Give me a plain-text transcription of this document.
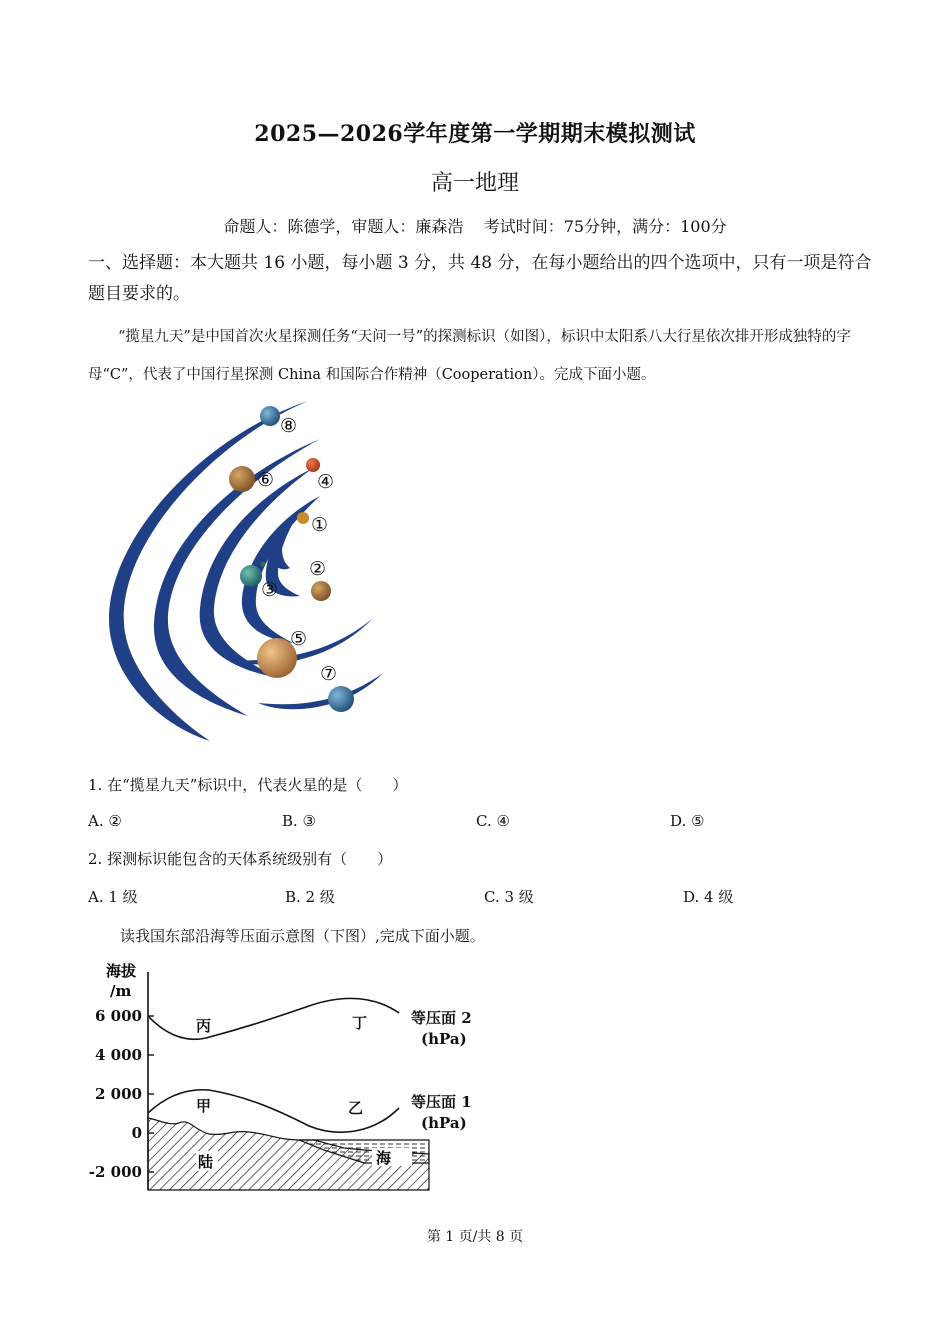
2025—2026学年度第一学期期末模拟测试
高一地理
命题人：陈德学，审题人：廉森浩 考试时间：75分钟，满分：100分
一、选择题：本大题共 16 小题，每小题 3 分，共 48 分，在每小题给出的四个选项中，只有一项是符合题目要求的。
“揽星九天”是中国首次火星探测任务“天问一号”的探测标识（如图），标识中太阳系八大行星依次排开形成独特的字母“C”，代表了中国行星探测 China 和国际合作精神（Cooperation）。完成下面小题。
⑧
⑥ ④
①
②
③
⑤
⑦
1. 在“揽星九天”标识中，代表火星的是（　　）
A. ②	B. ③	C. ④	D. ⑤
2. 探测标识能包含的天体系统级别有（　　）
A. 1 级	B. 2 级	C. 3 级	D. 4 级
读我国东部沿海等压面示意图（下图）,完成下面小题。
6 000
4 000
2 000
0
-2 000
海拔
/m
海
陆
丙	丁
甲	乙
等压面 2
(hPa)
等压面 1
(hPa)
第 1 页/共 8 页
